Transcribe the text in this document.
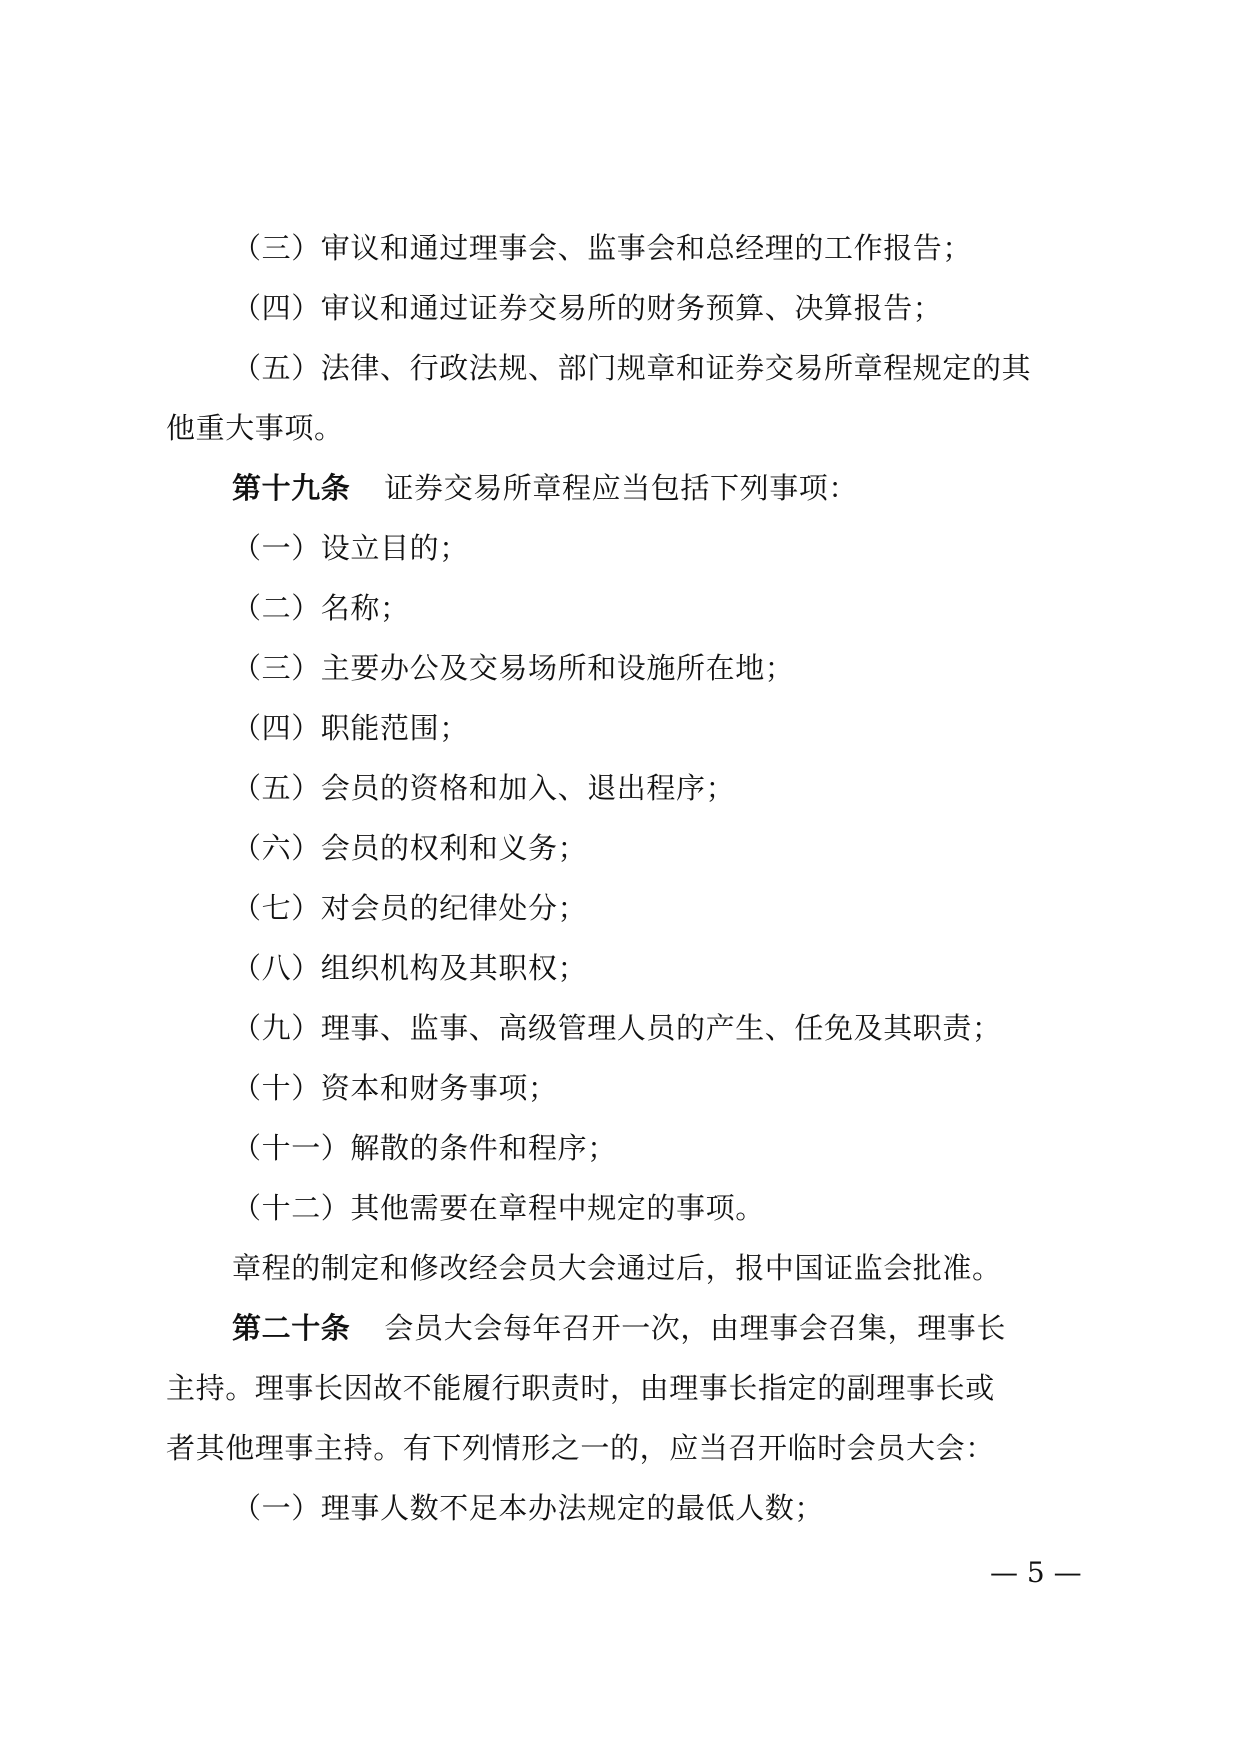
（三）审议和通过理事会、监事会和总经理的工作报告；
（四）审议和通过证券交易所的财务预算、决算报告；
（五）法律、行政法规、部门规章和证券交易所章程规定的其
他重大事项。
第十九条 证券交易所章程应当包括下列事项：
（一）设立目的；
（二）名称；
（三）主要办公及交易场所和设施所在地；
（四）职能范围；
（五）会员的资格和加入、退出程序；
（六）会员的权利和义务；
（七）对会员的纪律处分；
（八）组织机构及其职权；
（九）理事、监事、高级管理人员的产生、任免及其职责；
（十）资本和财务事项；
（十一）解散的条件和程序；
（十二）其他需要在章程中规定的事项。
章程的制定和修改经会员大会通过后，报中国证监会批准。
第二十条 会员大会每年召开一次，由理事会召集，理事长
主持。理事长因故不能履行职责时，由理事长指定的副理事长或
者其他理事主持。有下列情形之一的，应当召开临时会员大会：
（一）理事人数不足本办法规定的最低人数；
— 5 —
